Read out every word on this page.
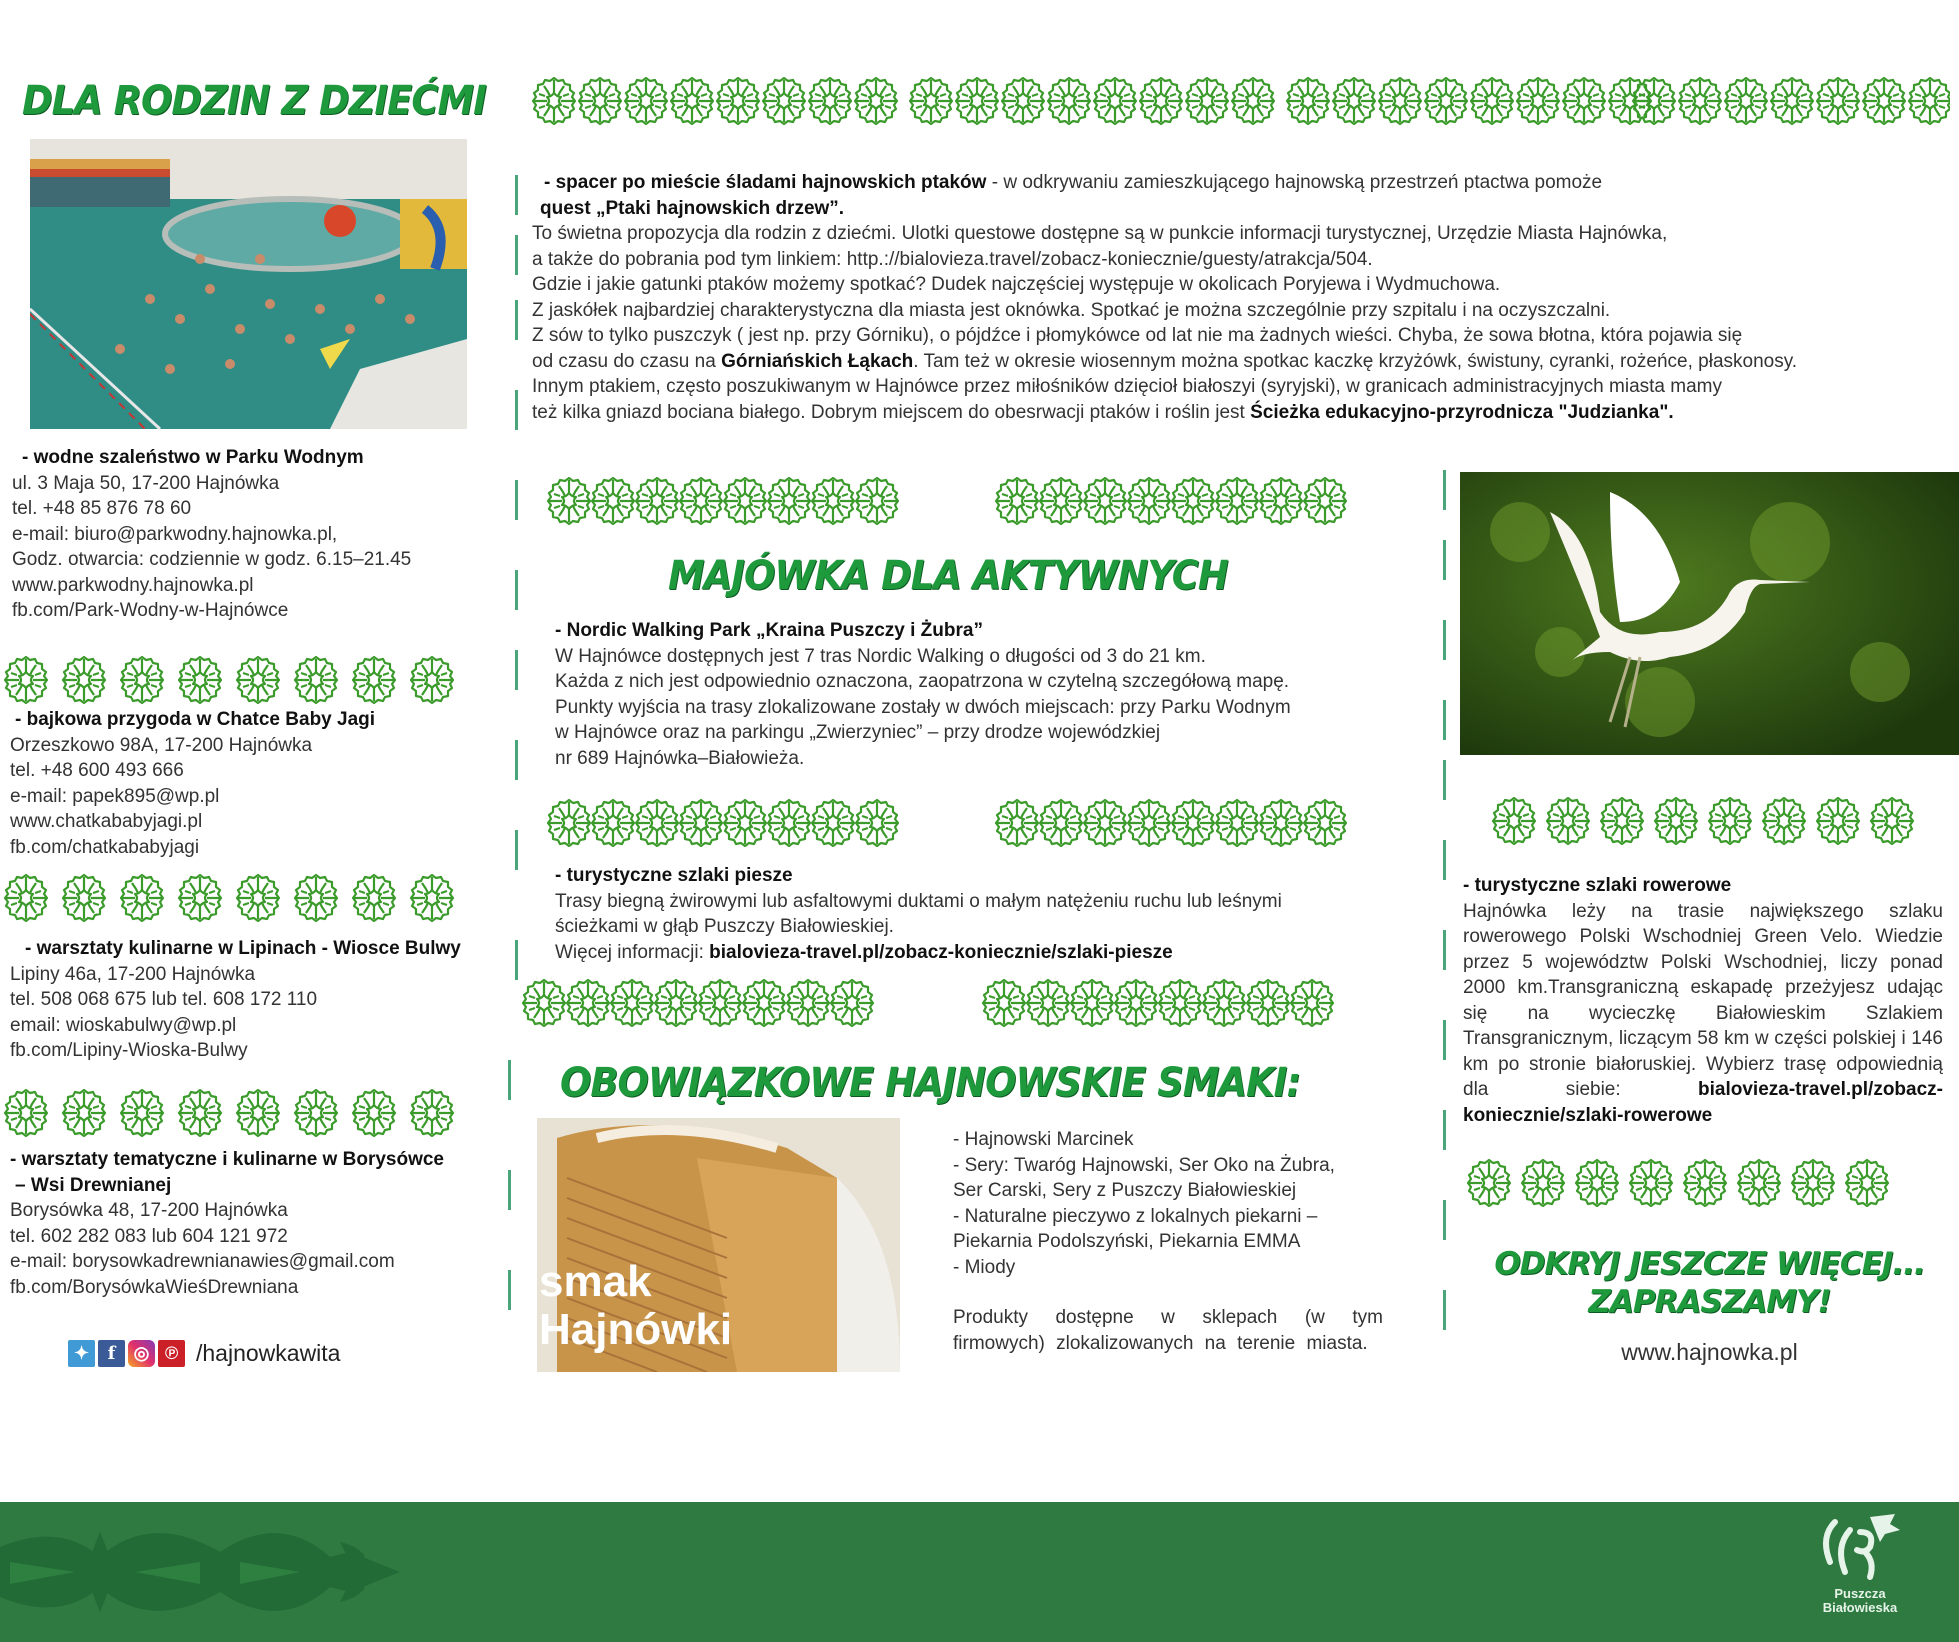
DLA RODZIN Z DZIEĆMI
- wodne szaleństwo w Parku Wodnym
ul. 3 Maja 50, 17-200 Hajnówka
tel. +48 85 876 78 60
e-mail: biuro@parkwodny.hajnowka.pl,
Godz. otwarcia: codziennie w godz. 6.15–21.45
www.parkwodny.hajnowka.pl
fb.com/Park-Wodny-w-Hajnówce
- bajkowa przygoda w Chatce Baby Jagi
Orzeszkowo 98A, 17-200 Hajnówka
tel. +48 600 493 666
e-mail: papek895@wp.pl
www.chatkababyjagi.pl
fb.com/chatkababyjagi
- warsztaty kulinarne w Lipinach - Wiosce Bulwy
Lipiny 46a, 17-200 Hajnówka
tel. 508 068 675 lub tel. 608 172 110
email: wioskabulwy@wp.pl
fb.com/Lipiny-Wioska-Bulwy
- warsztaty tematyczne i kulinarne w Borysówce
– Wsi Drewnianej
Borysówka 48, 17-200 Hajnówka
tel. 602 282 083 lub 604 121 972
e-mail: borysowkadrewnianawies@gmail.com
fb.com/BorysówkaWieśDrewniana
✦	f	◎ ℗ /hajnowkawita
- spacer po mieście śladami hajnowskich ptaków - w odkrywaniu zamieszkującego hajnowską przestrzeń ptactwa pomoże
quest „Ptaki hajnowskich drzew”.
To świetna propozycja dla rodzin z dziećmi. Ulotki questowe dostępne są w punkcie informacji turystycznej, Urzędzie Miasta Hajnówka,
a także do pobrania pod tym linkiem: http.://bialovieza.travel/zobacz-koniecznie/guesty/atrakcja/504.
Gdzie i jakie gatunki ptaków możemy spotkać? Dudek najczęściej występuje w okolicach Poryjewa i Wydmuchowa.
Z jaskółek najbardziej charakterystyczna dla miasta jest oknówka. Spotkać je można szczególnie przy szpitalu i na oczyszczalni.
Z sów to tylko puszczyk ( jest np. przy Górniku), o pójdźce i płomykówce od lat nie ma żadnych wieści. Chyba, że sowa błotna, która pojawia się
od czasu do czasu na Górniańskich Łąkach. Tam też w okresie wiosennym można spotkac kaczkę krzyżówk, świstuny, cyranki, rożeńce, płaskonosy.
Innym ptakiem, często poszukiwanym w Hajnówce przez miłośników dzięcioł białoszyi (syryjski), w granicach administracyjnych miasta mamy
też kilka gniazd bociana białego. Dobrym miejscem do obesrwacji ptaków i roślin jest Ścieżka edukacyjno-przyrodnicza "Judzianka".
MAJÓWKA DLA AKTYWNYCH
- Nordic Walking Park „Kraina Puszczy i Żubra”
W Hajnówce dostępnych jest 7 tras Nordic Walking o długości od 3 do 21 km.
Każda z nich jest odpowiednio oznaczona, zaopatrzona w czytelną szczegółową mapę.
Punkty wyjścia na trasy zlokalizowane zostały w dwóch miejscach: przy Parku Wodnym
w Hajnówce oraz na parkingu „Zwierzyniec” – przy drodze wojewódzkiej
nr 689 Hajnówka–Białowieża.
- turystyczne szlaki piesze
Trasy biegną żwirowymi lub asfaltowymi duktami o małym natężeniu ruchu lub leśnymi
ścieżkami w głąb Puszczy Białowieskiej.
Więcej informacji: bialovieza-travel.pl/zobacz-koniecznie/szlaki-piesze
OBOWIĄZKOWE HAJNOWSKIE SMAKI:
smak
Hajnówki
- Hajnowski Marcinek
- Sery: Twaróg Hajnowski, Ser Oko na Żubra,
Ser Carski, Sery z Puszczy Białowieskiej
- Naturalne pieczywo z lokalnych piekarni –
Piekarnia Podolszyński, Piekarnia EMMA
- Miody
Produkty dostępne w sklepach (w tym firmowych) zlokalizowanych na terenie miasta.
- turystyczne szlaki rowerowe
Hajnówka leży na trasie największego szlaku rowerowego Polski Wschodniej Green Velo. Wiedzie przez 5 województw Polski Wschodniej, liczy ponad 2000 km.Transgraniczną eskapadę przeżyjesz udając się na wycieczkę Białowieskim Szlakiem Transgranicznym, liczącym 58 km w części polskiej i 146 km po stronie białoruskiej. Wybierz trasę odpowiednią dla siebie: bialovieza-travel.pl/zobacz-koniecznie/szlaki-rowerowe
ODKRYJ JESZCZE WIĘCEJ...
ZAPRASZAMY!
www.hajnowka.pl
Puszcza
Białowieska
